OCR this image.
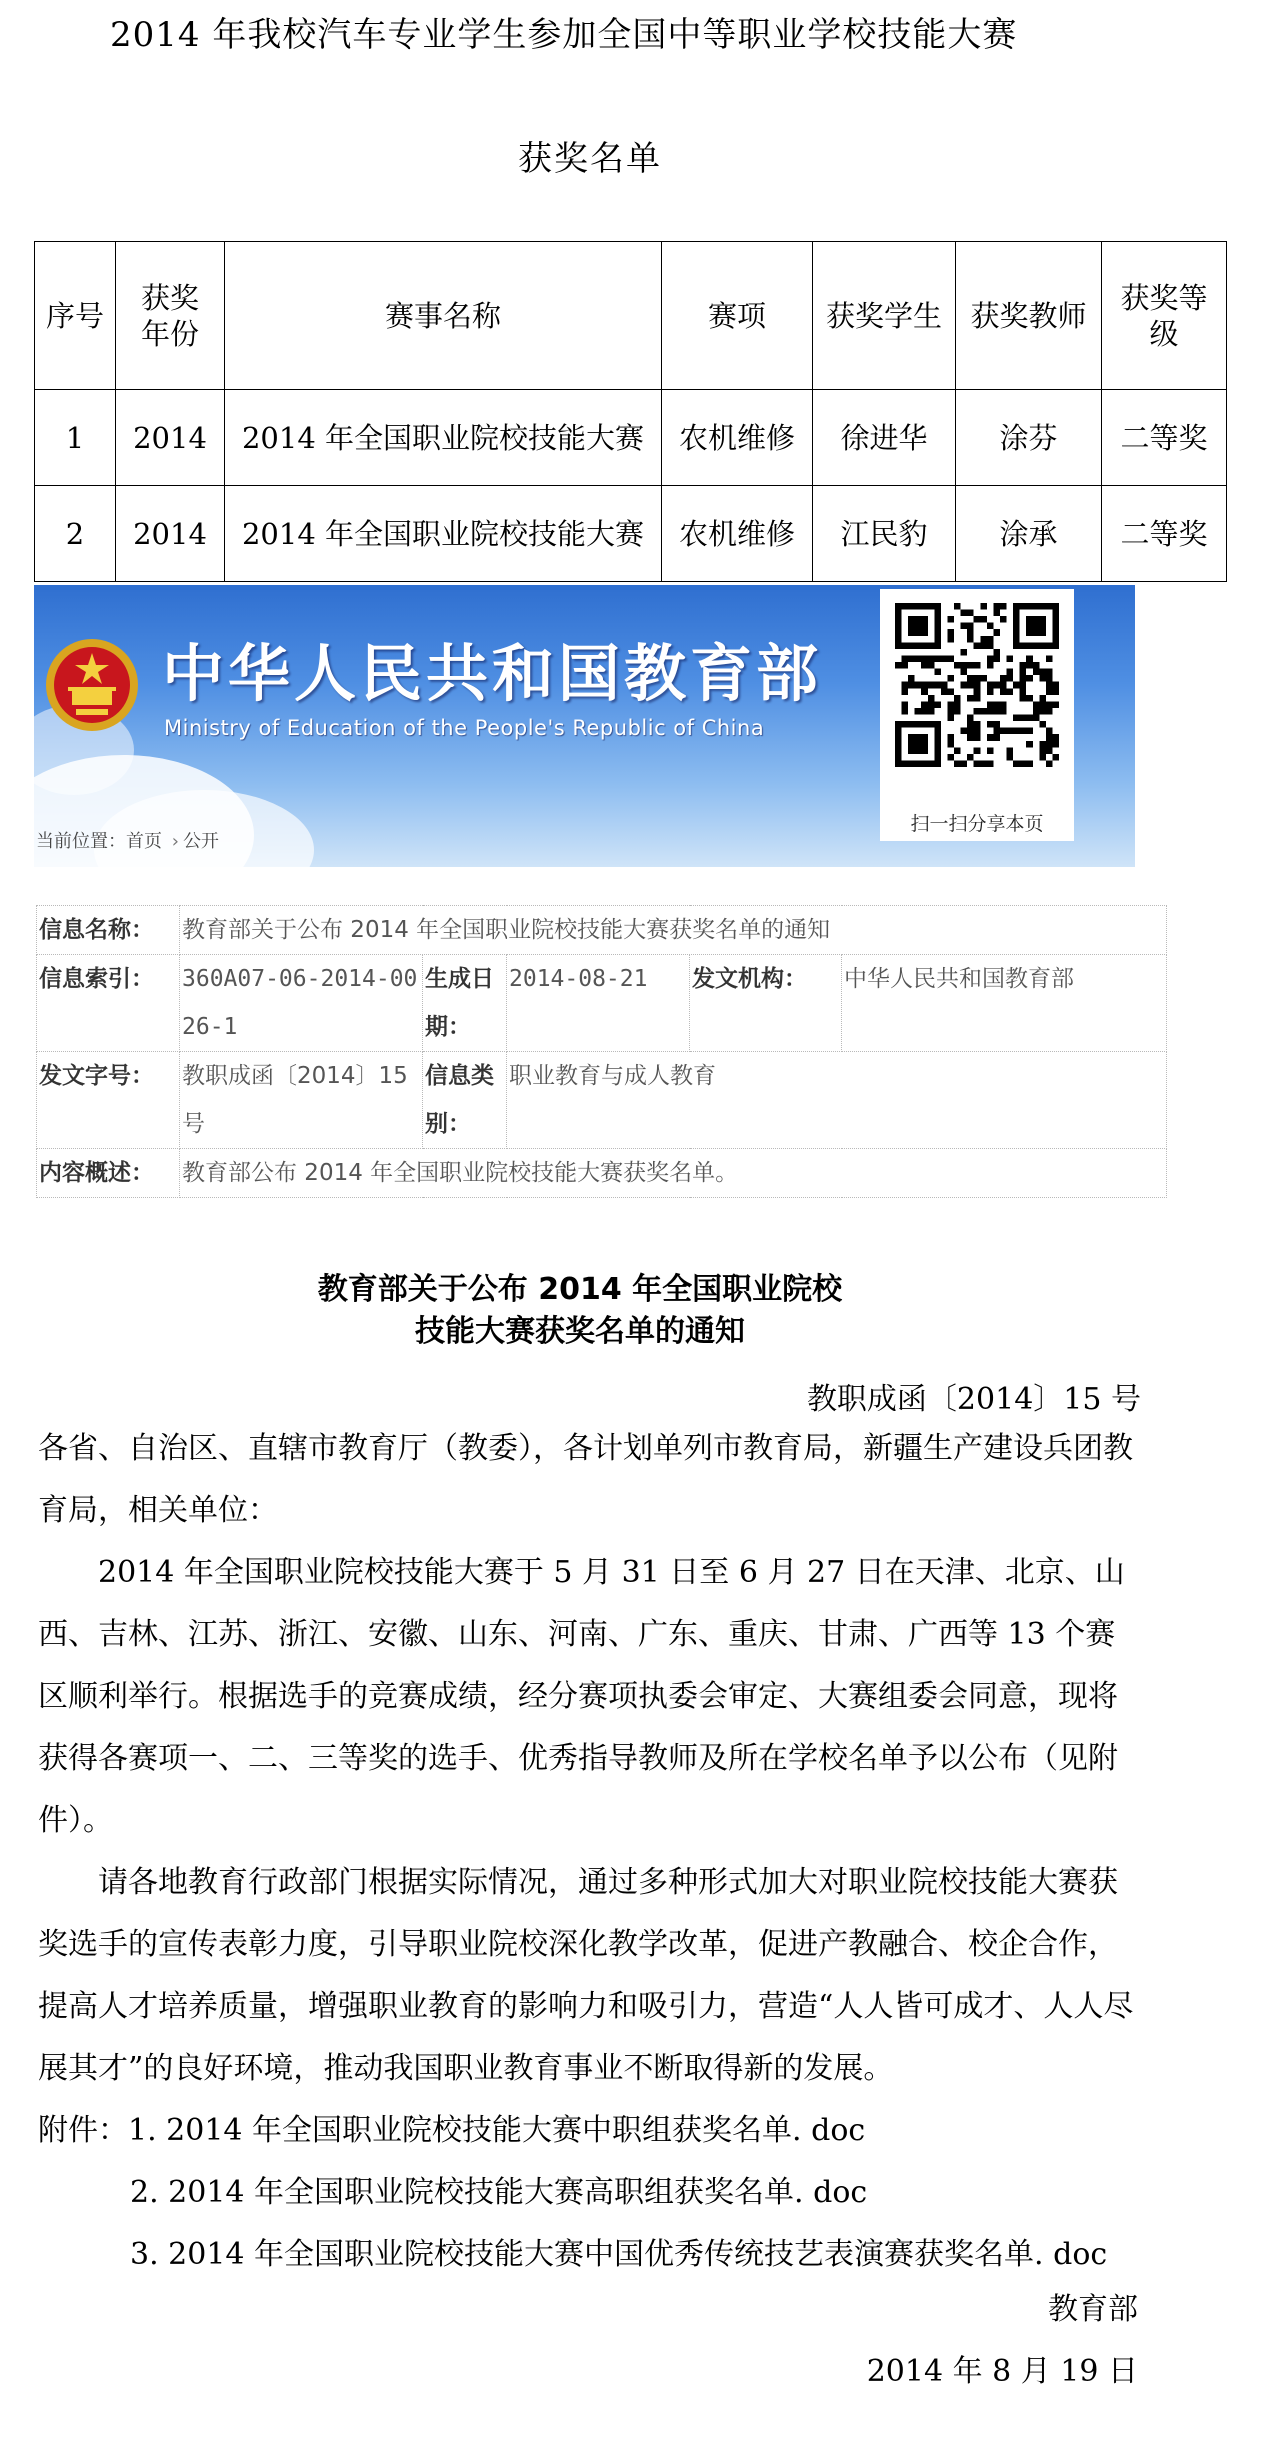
2014 年我校汽车专业学生参加全国中等职业学校技能大赛
获奖名单
序号	获奖年份	赛事名称	赛项	获奖学生	获奖教师	获奖等级
1	2014	2014 年全国职业院校技能大赛	农机维修	徐进华	涂芬	二等奖
2	2014	2014 年全国职业院校技能大赛	农机维修	江民豹	涂承	二等奖
中华人民共和国教育部
Ministry of Education of the People's Republic of China
当前位置：首页 › 公开
扫一扫分享本页
信息名称：	教育部关于公布 2014 年全国职业院校技能大赛获奖名单的通知				
信息索引：	360A07-06-2014-0026-1	生成日期：	2014-08-21	发文机构：	中华人民共和国教育部
发文字号：	教职成函〔2014〕15号	信息类别：	职业教育与成人教育		
内容概述：	教育部公布 2014 年全国职业院校技能大赛获奖名单。				
教育部关于公布 2014 年全国职业院校
技能大赛获奖名单的通知
教职成函〔2014〕15 号

各省、自治区、直辖市教育厅（教委），各计划单列市教育局，新疆生产建设兵团教育局，相关单位：

2014 年全国职业院校技能大赛于 5 月 31 日至 6 月 27 日在天津、北京、山西、吉林、江苏、浙江、安徽、山东、河南、广东、重庆、甘肃、广西等 13 个赛区顺利举行。根据选手的竞赛成绩，经分赛项执委会审定、大赛组委会同意，现将获得各赛项一、二、三等奖的选手、优秀指导教师及所在学校名单予以公布（见附件）。

请各地教育行政部门根据实际情况，通过多种形式加大对职业院校技能大赛获奖选手的宣传表彰力度，引导职业院校深化教学改革，促进产教融合、校企合作，提高人才培养质量，增强职业教育的影响力和吸引力，营造“人人皆可成才、人人尽展其才”的良好环境，推动我国职业教育事业不断取得新的发展。

附件：1. 2014 年全国职业院校技能大赛中职组获奖名单. doc
2. 2014 年全国职业院校技能大赛高职组获奖名单. doc
3. 2014 年全国职业院校技能大赛中国优秀传统技艺表演赛获奖名单. doc
教育部
2014 年 8 月 19 日
